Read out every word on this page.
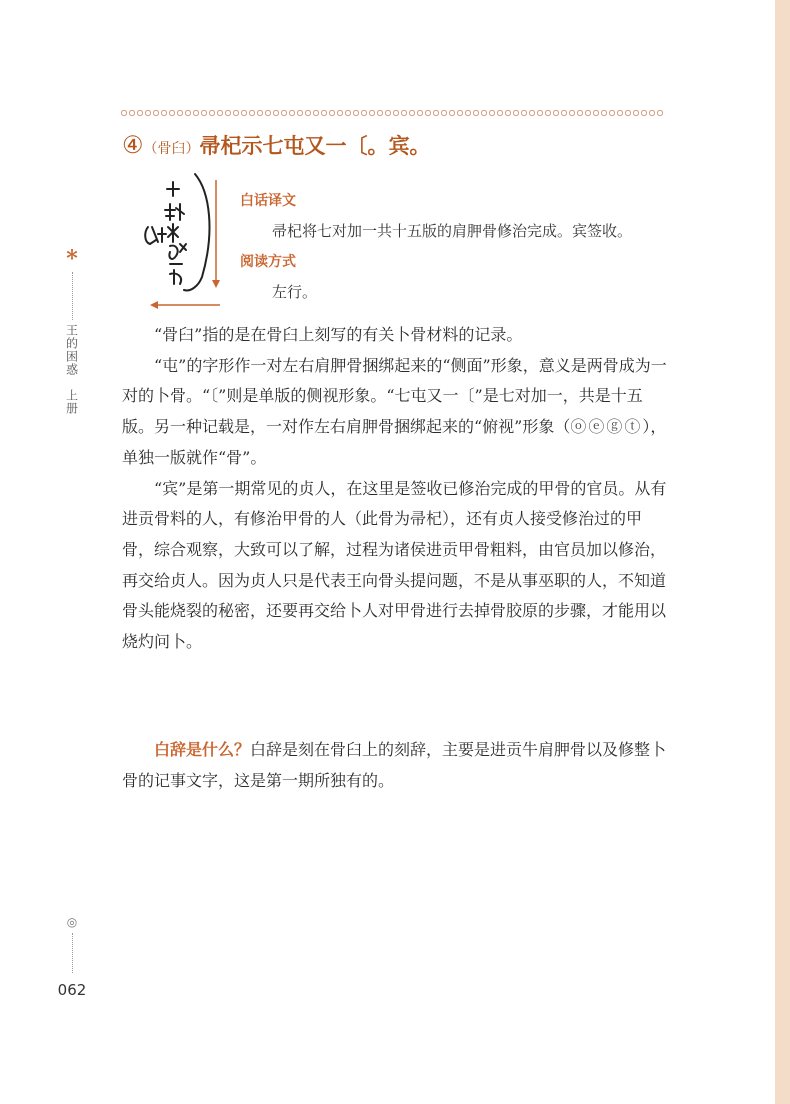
*
王的困惑　上册
④（骨臼）帚杞示七屯又一〔。宾。
白话译文
帚杞将七对加一共十五版的肩胛骨修治完成。宾签收。
阅读方式
左行。

“骨臼”指的是在骨臼上刻写的有关卜骨材料的记录。

“屯”的字形作一对左右肩胛骨捆绑起来的“侧面”形象，意义是两骨成为一对的卜骨。“〔”则是单版的侧视形象。“七屯又一〔”是七对加一，共是十五版。另一种记载是，一对作左右肩胛骨捆绑起来的“俯视”形象（ⓞⓔⓖⓣ），单独一版就作“骨”。

“宾”是第一期常见的贞人，在这里是签收已修治完成的甲骨的官员。从有进贡骨料的人，有修治甲骨的人（此骨为帚杞），还有贞人接受修治过的甲骨，综合观察，大致可以了解，过程为诸侯进贡甲骨粗料，由官员加以修治，再交给贞人。因为贞人只是代表王向骨头提问题，不是从事巫职的人，不知道骨头能烧裂的秘密，还要再交给卜人对甲骨进行去掉骨胶原的步骤，才能用以烧灼问卜。

白辞是什么？白辞是刻在骨臼上的刻辞，主要是进贡牛肩胛骨以及修整卜骨的记事文字，这是第一期所独有的。

◎
062
